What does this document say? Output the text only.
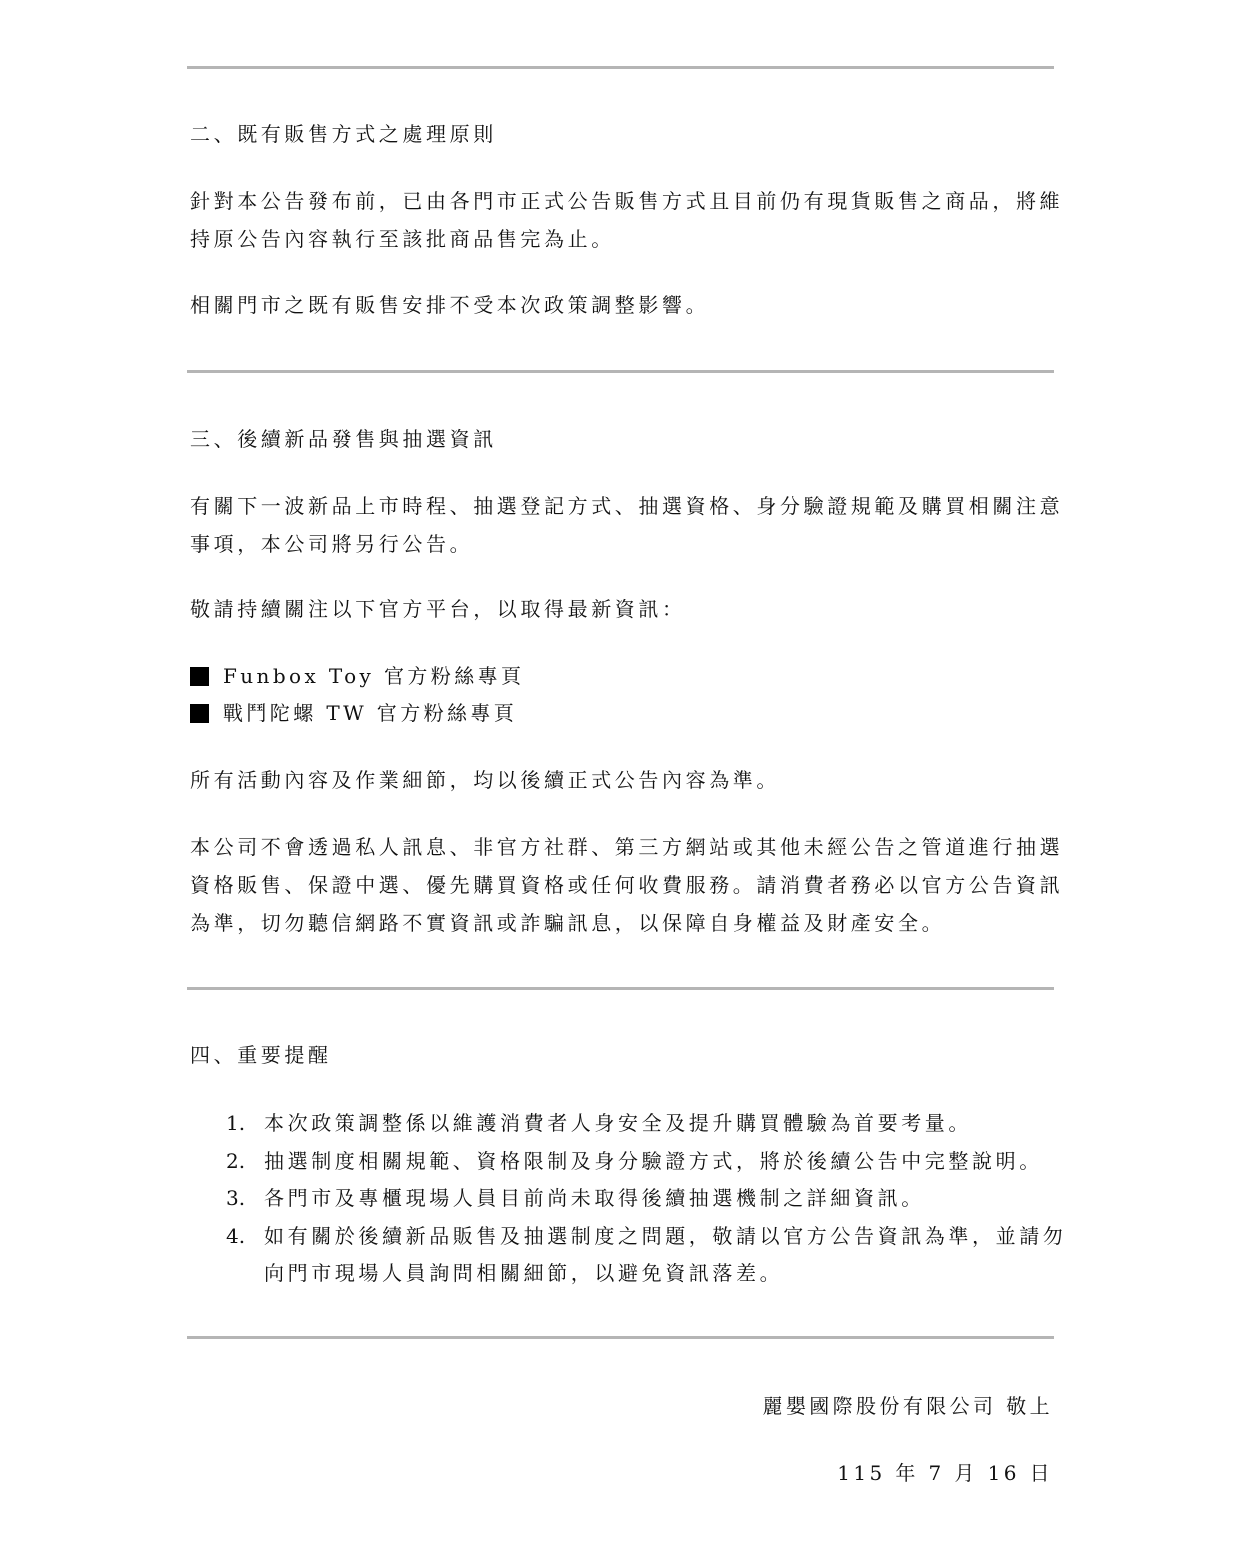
二、既有販售方式之處理原則
針對本公告發布前，已由各門市正式公告販售方式且目前仍有現貨販售之商品，將維
持原公告內容執行至該批商品售完為止。
相關門市之既有販售安排不受本次政策調整影響。
三、後續新品發售與抽選資訊
有關下一波新品上市時程、抽選登記方式、抽選資格、身分驗證規範及購買相關注意
事項，本公司將另行公告。
敬請持續關注以下官方平台，以取得最新資訊：
Funbox Toy 官方粉絲專頁
戰鬥陀螺 TW 官方粉絲專頁
所有活動內容及作業細節，均以後續正式公告內容為準。
本公司不會透過私人訊息、非官方社群、第三方網站或其他未經公告之管道進行抽選
資格販售、保證中選、優先購買資格或任何收費服務。請消費者務必以官方公告資訊
為準，切勿聽信網路不實資訊或詐騙訊息，以保障自身權益及財產安全。
四、重要提醒
1. 本次政策調整係以維護消費者人身安全及提升購買體驗為首要考量。
2. 抽選制度相關規範、資格限制及身分驗證方式，將於後續公告中完整說明。
3. 各門市及專櫃現場人員目前尚未取得後續抽選機制之詳細資訊。
4. 如有關於後續新品販售及抽選制度之問題，敬請以官方公告資訊為準，並請勿
向門市現場人員詢問相關細節，以避免資訊落差。
麗嬰國際股份有限公司 敬上
115 年 7 月 16 日
